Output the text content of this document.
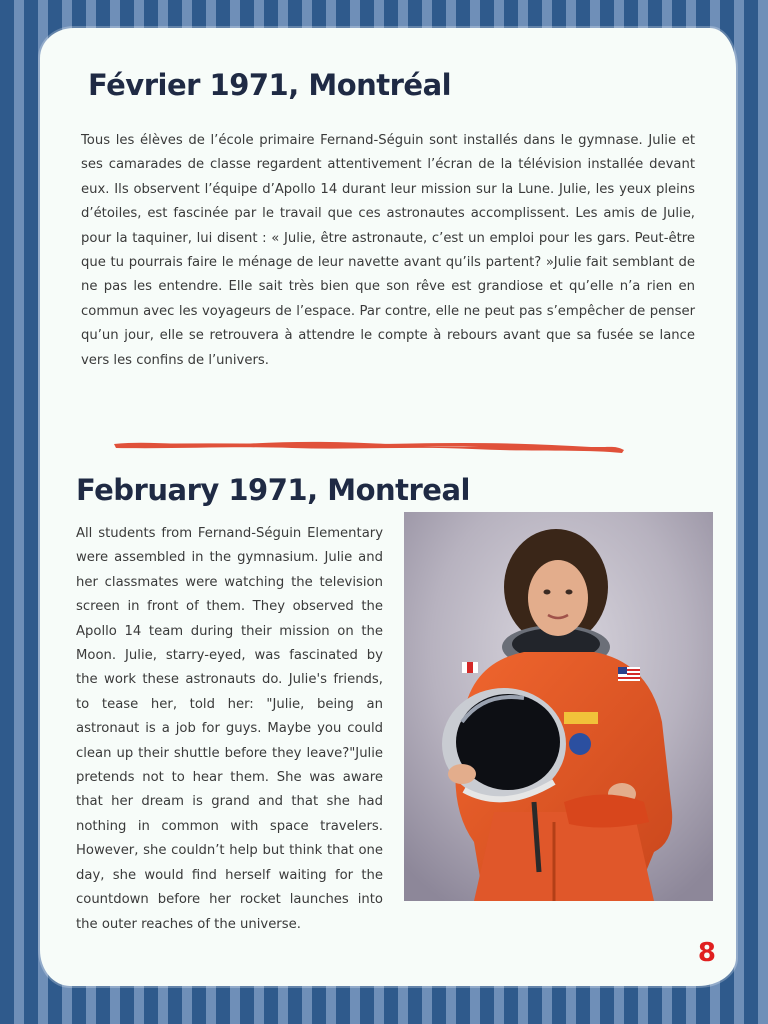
Février 1971, Montréal

Tous les élèves de l’école primaire Fernand-Séguin sont installés dans le gymnase. Julie et ses camarades de classe regardent attentivement l’écran de la télévision installée devant eux. Ils observent l’équipe d’Apollo 14 durant leur mission sur la Lune. Julie, les yeux pleins d’étoiles, est fascinée par le travail que ces astronautes accomplissent. Les amis de Julie, pour la taquiner, lui disent : « Julie, être astronaute, c’est un emploi pour les gars. Peut-être que tu pourrais faire le ménage de leur navette avant qu’ils partent? »Julie fait semblant de ne pas les entendre. Elle sait très bien que son rêve est grandiose et qu’elle n’a rien en commun avec les voyageurs de l’espace. Par contre, elle ne peut pas s’empêcher de penser qu’un jour, elle se retrouvera à attendre le compte à rebours avant que sa fusée se lance vers les confins de l’univers.

February 1971, Montreal

All students from Fernand-Séguin Elementary were assembled in the gymnasium. Julie and her classmates were watching the television screen in front of them. They observed the Apollo 14 team during their mission on the Moon. Julie, starry-eyed, was fascinated by the work these astronauts do. Julie's friends, to tease her, told her: "Julie, being an astronaut is a job for guys. Maybe you could clean up their shuttle before they leave?"Julie pretends not to hear them. She was aware that her dream is grand and that she had nothing in common with space travelers. However, she couldn’t help but think that one day, she would find herself waiting for the countdown before her rocket launches into the outer reaches of the universe.

8
